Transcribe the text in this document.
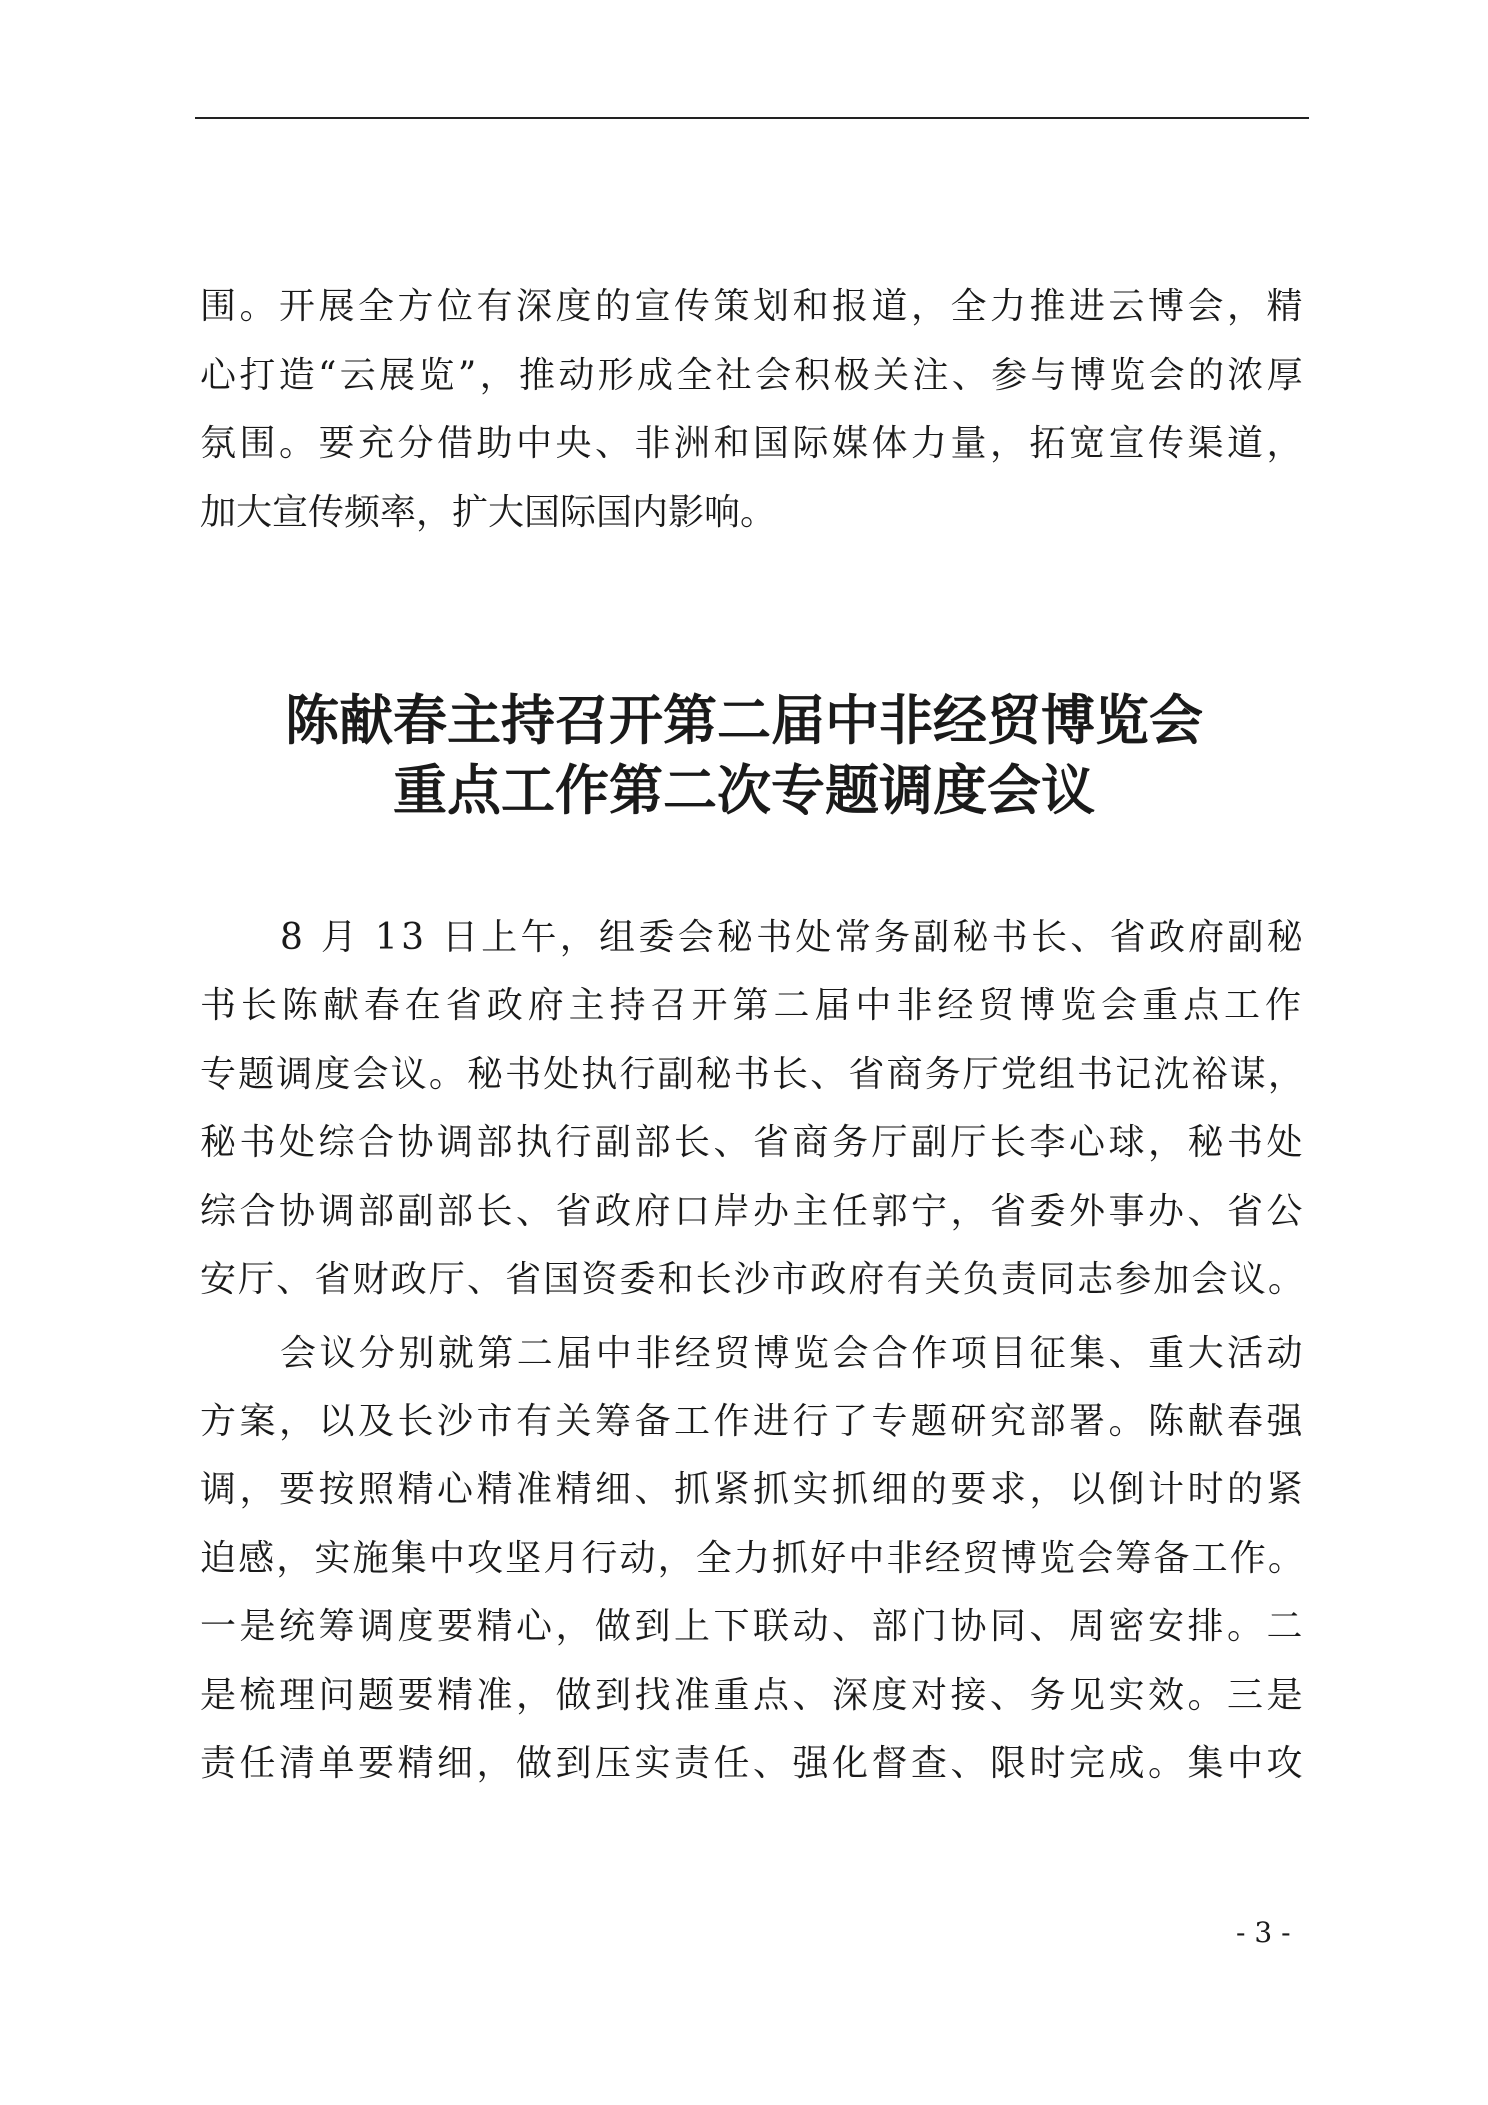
围。开展全方位有深度的宣传策划和报道，全力推进云博会，精
心打造“云展览”，推动形成全社会积极关注、参与博览会的浓厚
氛围。要充分借助中央、非洲和国际媒体力量，拓宽宣传渠道，
加大宣传频率，扩大国际国内影响。
陈献春主持召开第二届中非经贸博览会
重点工作第二次专题调度会议
8 月 13 日上午，组委会秘书处常务副秘书长、省政府副秘
书长陈献春在省政府主持召开第二届中非经贸博览会重点工作
专题调度会议。秘书处执行副秘书长、省商务厅党组书记沈裕谋，
秘书处综合协调部执行副部长、省商务厅副厅长李心球，秘书处
综合协调部副部长、省政府口岸办主任郭宁，省委外事办、省公
安厅、省财政厅、省国资委和长沙市政府有关负责同志参加会议。
会议分别就第二届中非经贸博览会合作项目征集、重大活动
方案，以及长沙市有关筹备工作进行了专题研究部署。陈献春强
调，要按照精心精准精细、抓紧抓实抓细的要求，以倒计时的紧
迫感，实施集中攻坚月行动，全力抓好中非经贸博览会筹备工作。
一是统筹调度要精心，做到上下联动、部门协同、周密安排。二
是梳理问题要精准，做到找准重点、深度对接、务见实效。三是
责任清单要精细，做到压实责任、强化督查、限时完成。集中攻
- 3 -
